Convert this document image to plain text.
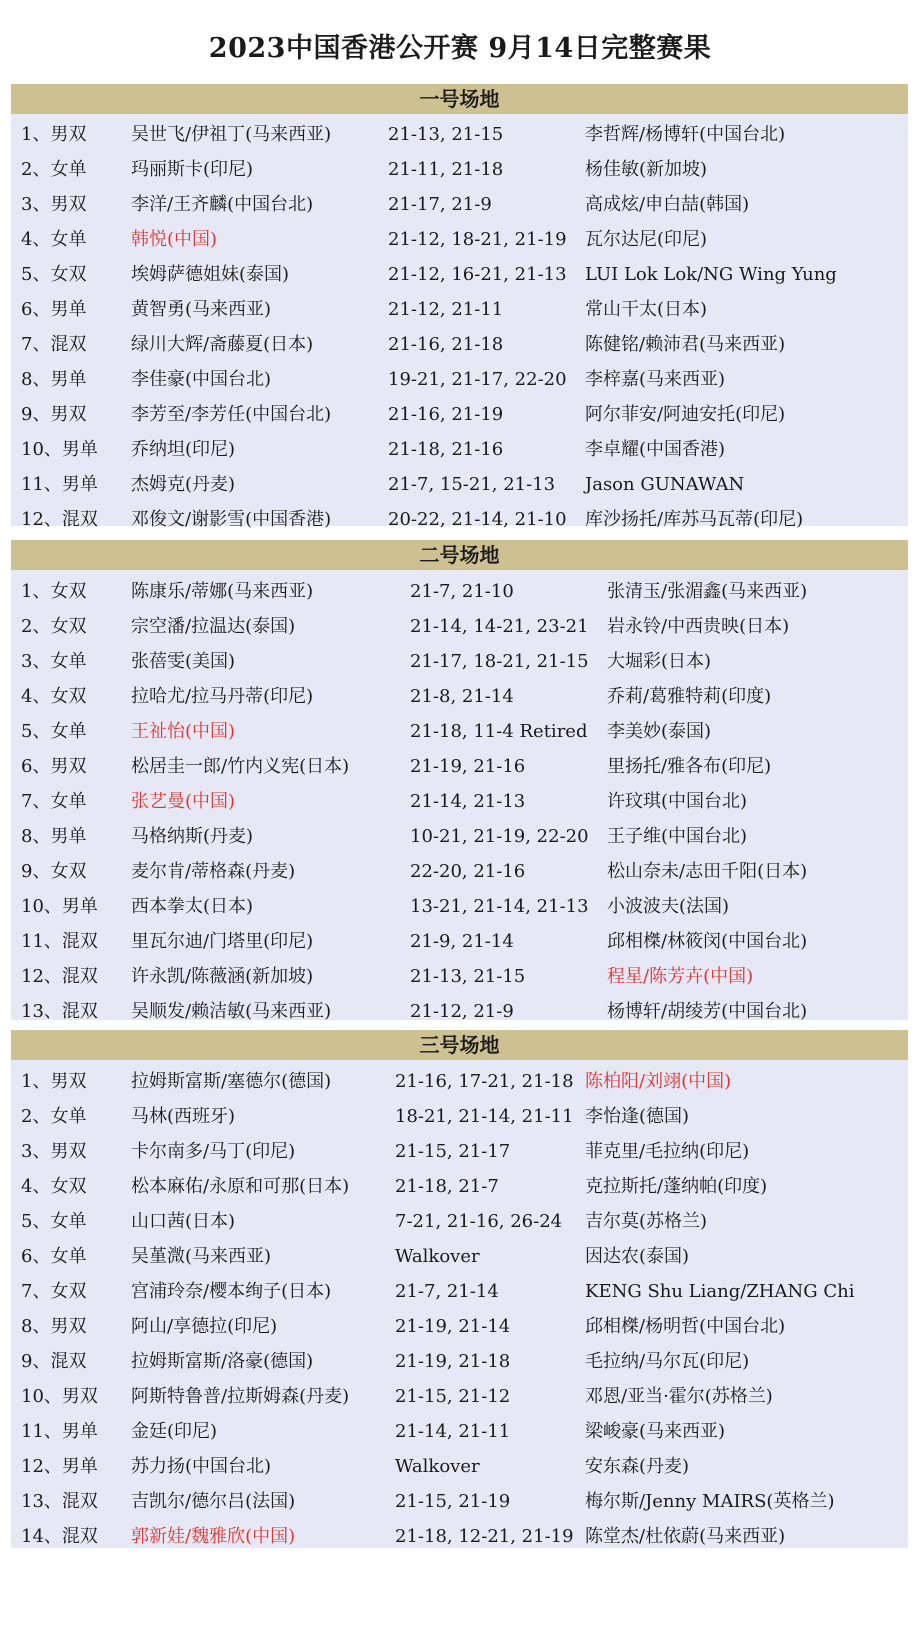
2023中国香港公开赛 9月14日完整赛果
一号场地
1、男双 吴世飞/伊祖丁(马来西亚)	21-13, 21-15	李哲辉/杨博轩(中国台北)
2、女单 玛丽斯卡(印尼)	21-11, 21-18	杨佳敏(新加坡)
3、男双 李洋/王齐麟(中国台北)	21-17, 21-9	高成炫/申白喆(韩国)
4、女单 韩悦(中国)	21-12, 18-21, 21-19 瓦尔达尼(印尼)
5、女双 埃姆萨德姐妹(泰国)	21-12, 16-21, 21-13 LUI Lok Lok/NG Wing Yung
6、男单 黄智勇(马来西亚)	21-12, 21-11	常山干太(日本)
7、混双 绿川大辉/斋藤夏(日本)	21-16, 21-18	陈健铭/赖沛君(马来西亚)
8、男单 李佳豪(中国台北)	19-21, 21-17, 22-20 李梓嘉(马来西亚)
9、男双 李芳至/李芳任(中国台北)	21-16, 21-19	阿尔菲安/阿迪安托(印尼)
10、男单 乔纳坦(印尼)	21-18, 21-16	李卓耀(中国香港)
11、男单 杰姆克(丹麦)	21-7, 15-21, 21-13 Jason GUNAWAN
12、混双 邓俊文/谢影雪(中国香港)	20-22, 21-14, 21-10 库沙扬托/库苏马瓦蒂(印尼)
二号场地
1、女双 陈康乐/蒂娜(马来西亚)	21-7, 21-10	张清玉/张湄鑫(马来西亚)
2、女双 宗空潘/拉温达(泰国)	21-14, 14-21, 23-21 岩永铃/中西贵映(日本)
3、女单 张蓓雯(美国)	21-17, 18-21, 21-15 大堀彩(日本)
4、女双 拉哈尤/拉马丹蒂(印尼)	21-8, 21-14	乔莉/葛雅特莉(印度)
5、女单 王祉怡(中国)	21-18, 11-4 Retired 李美妙(泰国)
6、男双 松居圭一郎/竹内义宪(日本)	21-19, 21-16	里扬托/雅各布(印尼)
7、女单 张艺曼(中国)	21-14, 21-13	许玟琪(中国台北)
8、男单 马格纳斯(丹麦)	10-21, 21-19, 22-20 王子维(中国台北)
9、女双 麦尔肯/蒂格森(丹麦)	22-20, 21-16	松山奈未/志田千阳(日本)
10、男单 西本拳太(日本)	13-21, 21-14, 21-13 小波波夫(法国)
11、混双 里瓦尔迪/门塔里(印尼)	21-9, 21-14	邱相榤/林筱闵(中国台北)
12、混双 许永凯/陈薇涵(新加坡)	21-13, 21-15	程星/陈芳卉(中国)
13、混双 吴顺发/赖洁敏(马来西亚)	21-12, 21-9	杨博轩/胡绫芳(中国台北)
三号场地
1、男双 拉姆斯富斯/塞德尔(德国)	21-16, 17-21, 21-18 陈柏阳/刘翊(中国)
2、女单 马林(西班牙)	18-21, 21-14, 21-11 李怡逢(德国)
3、男双 卡尔南多/马丁(印尼)	21-15, 21-17	菲克里/毛拉纳(印尼)
4、女双 松本麻佑/永原和可那(日本)	21-18, 21-7	克拉斯托/蓬纳帕(印度)
5、女单 山口茜(日本)	7-21, 21-16, 26-24 吉尔莫(苏格兰)
6、女单 吴堇溦(马来西亚)	Walkover	因达农(泰国)
7、女双 宫浦玲奈/樱本绚子(日本)	21-7, 21-14	KENG Shu Liang/ZHANG Chi
8、男双 阿山/享德拉(印尼)	21-19, 21-14	邱相榤/杨明哲(中国台北)
9、混双 拉姆斯富斯/洛豪(德国)	21-19, 21-18	毛拉纳/马尔瓦(印尼)
10、男双 阿斯特鲁普/拉斯姆森(丹麦)	21-15, 21-12	邓恩/亚当·霍尔(苏格兰)
11、男单 金廷(印尼)	21-14, 21-11	梁峻豪(马来西亚)
12、男单 苏力扬(中国台北)	Walkover	安东森(丹麦)
13、混双 吉凯尔/德尔吕(法国)	21-15, 21-19	梅尔斯/Jenny MAIRS(英格兰)
14、混双 郭新娃/魏雅欣(中国)	21-18, 12-21, 21-19 陈堂杰/杜依蔚(马来西亚)
